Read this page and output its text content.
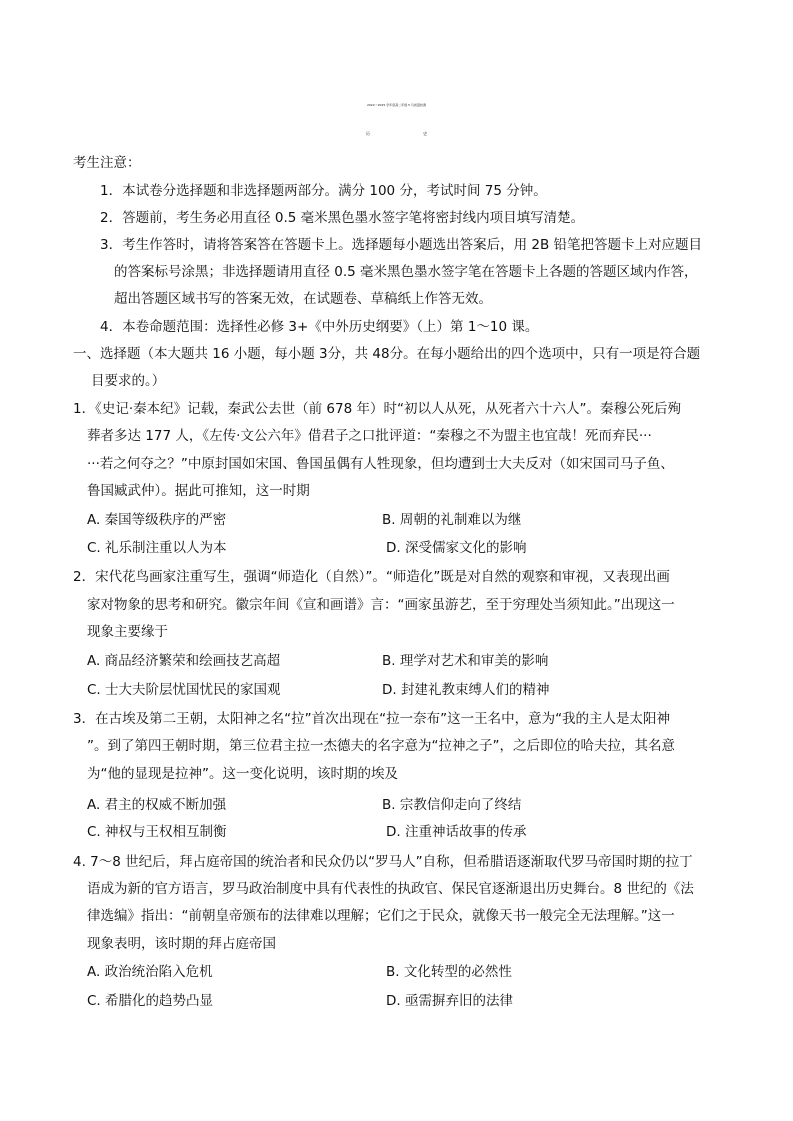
2024～2025 学年度高二年级 5 月质量检测
历 史
考生注意：
1．本试卷分选择题和非选择题两部分。满分 100 分，考试时间 75 分钟。
2．答题前，考生务必用直径 0.5 毫米黑色墨水签字笔将密封线内项目填写清楚。
3．考生作答时，请将答案答在答题卡上。选择题每小题选出答案后，用 2B 铅笔把答题卡上对应题目
的答案标号涂黑；非选择题请用直径 0.5 毫米黑色墨水签字笔在答题卡上各题的答题区域内作答，
超出答题区域书写的答案无效，在试题卷、草稿纸上作答无效。
4．本卷命题范围：选择性必修 3+《中外历史纲要》（上）第 1～10 课。
一、选择题（本大题共 16 小题，每小题 3分，共 48分。在每小题给出的四个选项中，只有一项是符合题
目要求的。）
1．《史记·秦本纪》记载，秦武公去世（前 678 年）时“初以人从死，从死者六十六人”。秦穆公死后殉
葬者多达 177 人，《左传·文公六年》借君子之口批评道：“秦穆之不为盟主也宜哉！死而弃民···
···若之何夺之？”中原封国如宋国、鲁国虽偶有人牲现象，但均遭到士大夫反对（如宋国司马子鱼、
鲁国臧武仲）。据此可推知，这一时期
A. 秦国等级秩序的严密	B. 周朝的礼制难以为继
C. 礼乐制注重以人为本	D. 深受儒家文化的影响
2．宋代花鸟画家注重写生，强调“师造化（自然）”。“师造化”既是对自然的观察和审视，又表现出画
家对物象的思考和研究。徽宗年间《宣和画谱》言：“画家虽游艺，至于穷理处当须知此。”出现这一
现象主要缘于
A. 商品经济繁荣和绘画技艺高超	B. 理学对艺术和审美的影响
C. 士大夫阶层忧国忧民的家国观	D. 封建礼教束缚人们的精神
3．在古埃及第二王朝，太阳神之名“拉”首次出现在“拉一奈布”这一王名中，意为“我的主人是太阳神
”。到了第四王朝时期，第三位君主拉一杰德夫的名字意为“拉神之子”，之后即位的哈夫拉，其名意
为“他的显现是拉神”。这一变化说明，该时期的埃及
A. 君主的权威不断加强	B. 宗教信仰走向了终结
C. 神权与王权相互制衡	D. 注重神话故事的传承
4. 7～8 世纪后，拜占庭帝国的统治者和民众仍以“罗马人”自称，但希腊语逐渐取代罗马帝国时期的拉丁
语成为新的官方语言，罗马政治制度中具有代表性的执政官、保民官逐渐退出历史舞台。8 世纪的《法
律选编》指出：“前朝皇帝颁布的法律难以理解；它们之于民众，就像天书一般完全无法理解。”这一
现象表明，该时期的拜占庭帝国
A. 政治统治陷入危机	B. 文化转型的必然性
C. 希腊化的趋势凸显	D. 亟需摒弃旧的法律
